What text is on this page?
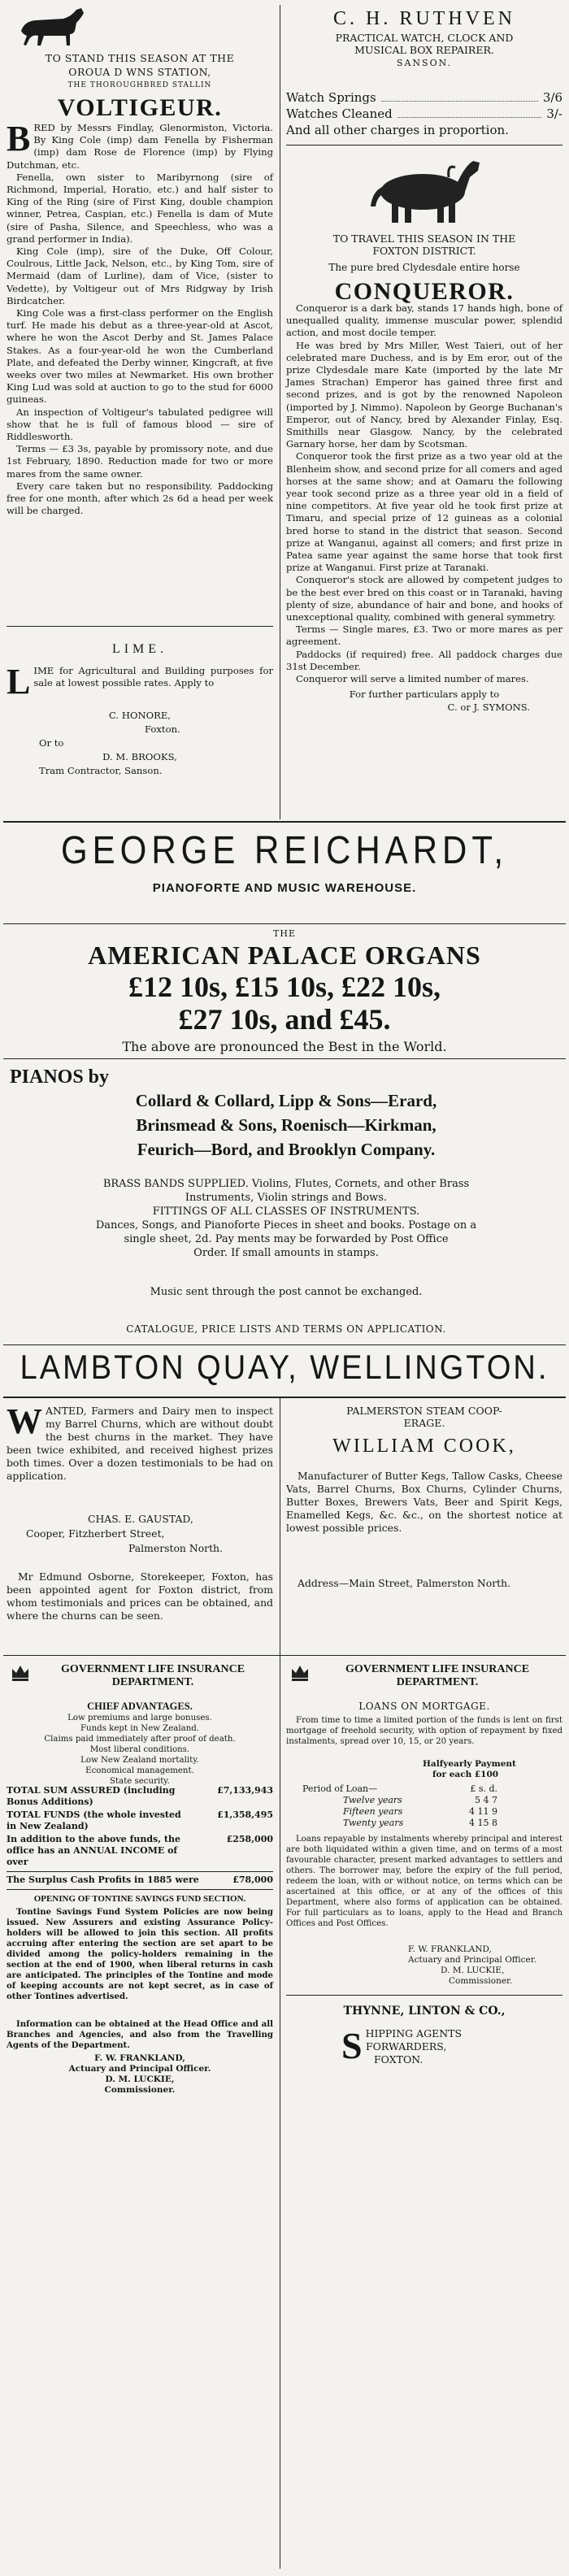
TO STAND THIS SEASON AT THE
OROUA D WNS STATION,
THE THOROUGHBRED STALLIN
VOLTIGEUR.
B RED by Messrs Findlay, Glenormiston, Victoria. By King Cole (imp) dam Fenella by Fisherman (imp) dam Rose de Florence (imp) by Flying Dutchman, etc.
Fenella, own sister to Maribyrnong (sire of Richmond, Imperial, Horatio, etc.) and half sister to King of the Ring (sire of First King, double champion winner, Petrea, Caspian, etc.) Fenella is dam of Mute (sire of Pasha, Silence, and Speechless, who was a grand performer in India).
King Cole (imp), sire of the Duke, Off Colour, Coulrous, Little Jack, Nelson, etc., by King Tom, sire of Mermaid (dam of Lurline), dam of Vice, (sister to Vedette), by Voltigeur out of Mrs Ridgway by Irish Birdcatcher.
King Cole was a first-class performer on the English turf. He made his debut as a three-year-old at Ascot, where he won the Ascot Derby and St. James Palace Stakes. As a four-year-old he won the Cumberland Plate, and defeated the Derby winner, Kingcraft, at five weeks over two miles at Newmarket. His own brother King Lud was sold at auction to go to the stud for 6000 guineas.
An inspection of Voltigeur's tabulated pedigree will show that he is full of famous blood — sire of Riddlesworth.
Terms — £3 3s, payable by promissory note, and due 1st February, 1890. Reduction made for two or more mares from the same owner.
Every care taken but no responsibility. Paddocking free for one month, after which 2s 6d a head per week will be charged.
LIME.
L IME for Agricultural and Building purposes for sale at lowest possible rates. Apply to
C. HONORE,
Foxton.
Or to
D. M. BROOKS,
Tram Contractor, Sanson.
C. H. RUTHVEN
PRACTICAL WATCH, CLOCK AND
MUSICAL BOX REPAIRER.
SANSON.
Watch Springs	3/6
Watches Cleaned	3/-
And all other charges in proportion.
TO TRAVEL THIS SEASON IN THE
FOXTON DISTRICT.
The pure bred Clydesdale entire horse
CONQUEROR.
Conqueror is a dark bay, stands 17 hands high, bone of unequalled quality, immense muscular power, splendid action, and most docile temper.
He was bred by Mrs Miller, West Taieri, out of her celebrated mare Duchess, and is by Em eror, out of the prize Clydesdale mare Kate (imported by the late Mr James Strachan) Emperor has gained three first and second prizes, and is got by the renowned Napoleon (imported by J. Nimmo). Napoleon by George Buchanan's Emperor, out of Nancy, bred by Alexander Finlay, Esq. Smithills near Glasgow. Nancy, by the celebrated Garnary horse, her dam by Scotsman.
Conqueror took the first prize as a two year old at the Blenheim show, and second prize for all comers and aged horses at the same show; and at Oamaru the following year took second prize as a three year old in a field of nine competitors. At five year old he took first prize at Timaru, and special prize of 12 guineas as a colonial bred horse to stand in the district that season. Second prize at Wanganui, against all comers; and first prize in Patea same year against the same horse that took first prize at Wanganui. First prize at Taranaki.
Conqueror's stock are allowed by competent judges to be the best ever bred on this coast or in Taranaki, having plenty of size, abundance of hair and bone, and hooks of unexceptional quality, combined with general symmetry.
Terms — Single mares, £3. Two or more mares as per agreement.
Paddocks (if required) free. All paddock charges due 31st December.
Conqueror will serve a limited number of mares.
For further particulars apply to
C. or J. SYMONS.
GEORGE REICHARDT,
PIANOFORTE AND MUSIC WAREHOUSE.
THE
AMERICAN PALACE ORGANS
£12 10s, £15 10s, £22 10s,
£27 10s, and £45.
The above are pronounced the Best in the World.
PIANOS by
Collard & Collard, Lipp & Sons—Erard,
Brinsmead & Sons, Roenisch—Kirkman,
Feurich—Bord, and Brooklyn Company.
BRASS BANDS SUPPLIED. Violins, Flutes, Cornets, and other Brass
Instruments, Violin strings and Bows.
FITTINGS OF ALL CLASSES OF INSTRUMENTS.
Dances, Songs, and Pianoforte Pieces in sheet and books. Postage on a
single sheet, 2d. Pay ments may be forwarded by Post Office
Order. If small amounts in stamps.
Music sent through the post cannot be exchanged.
CATALOGUE, PRICE LISTS AND TERMS ON APPLICATION.
LAMBTON QUAY, WELLINGTON.
W ANTED, Farmers and Dairy men to inspect my Barrel Churns, which are without doubt the best churns in the market. They have been twice exhibited, and received highest prizes both times. Over a dozen testimonials to be had on application.
CHAS. E. GAUSTAD,
Cooper, Fitzherbert Street,
Palmerston North.
Mr Edmund Osborne, Storekeeper, Foxton, has been appointed agent for Foxton district, from whom testimonials and prices can be obtained, and where the churns can be seen.
PALMERSTON STEAM COOP-
ERAGE.
WILLIAM COOK,
Manufacturer of Butter Kegs, Tallow Casks, Cheese Vats, Barrel Churns, Box Churns, Cylinder Churns, Butter Boxes, Brewers Vats, Beer and Spirit Kegs, Enamelled Kegs, &c. &c., on the shortest notice at lowest possible prices.
Address—Main Street, Palmerston North.
GOVERNMENT LIFE INSURANCE
DEPARTMENT.
CHIEF ADVANTAGES.
Low premiums and large bonuses.
Funds kept in New Zealand.
Claims paid immediately after proof of death.
Most liberal conditions.
Low New Zealand mortality.
Economical management.
State security.
TOTAL SUM ASSURED (including Bonus Additions)
£7,133,943
TOTAL FUNDS (the whole invested in New Zealand)
£1,358,495
In addition to the above funds, the office has an ANNUAL INCOME of over
£258,000
The Surplus Cash Profits in 1885 were	£78,000
OPENING OF TONTINE SAVINGS FUND SECTION.
Tontine Savings Fund System Policies are now being issued. New Assurers and existing Assurance Policy-holders will be allowed to join this section. All profits accruing after entering the section are set apart to be divided among the policy-holders remaining in the section at the end of 1900, when liberal returns in cash are anticipated. The principles of the Tontine and mode of keeping accounts are not kept secret, as in case of other Tontines advertised.
Information can be obtained at the Head Office and all Branches and Agencies, and also from the Travelling Agents of the Department.
F. W. FRANKLAND,
Actuary and Principal Officer.
D. M. LUCKIE,
Commissioner.
GOVERNMENT LIFE INSURANCE
DEPARTMENT.
LOANS ON MORTGAGE.
From time to time a limited portion of the funds is lent on first mortgage of freehold security, with option of repayment by fixed instalments, spread over 10, 15, or 20 years.
Halfyearly Payment
for each £100
Period of Loan—	£ s. d.
Twelve years	5 4 7
Fifteen years	4 11 9
Twenty years	4 15 8
Loans repayable by instalments whereby principal and interest are both liquidated within a given time, and on terms of a most favourable character, present marked advantages to settlers and others. The borrower may, before the expiry of the full period, redeem the loan, with or without notice, on terms which can be ascertained at this office, or at any of the offices of this Department, where also forms of application can be obtained. For full particulars as to loans, apply to the Head and Branch Offices and Post Offices.
F. W. FRANKLAND,
Actuary and Principal Officer.
D. M. LUCKIE,
Commissioner.
THYNNE, LINTON & CO.,
S HIPPING AGENTS
FORWARDERS,
FOXTON.
